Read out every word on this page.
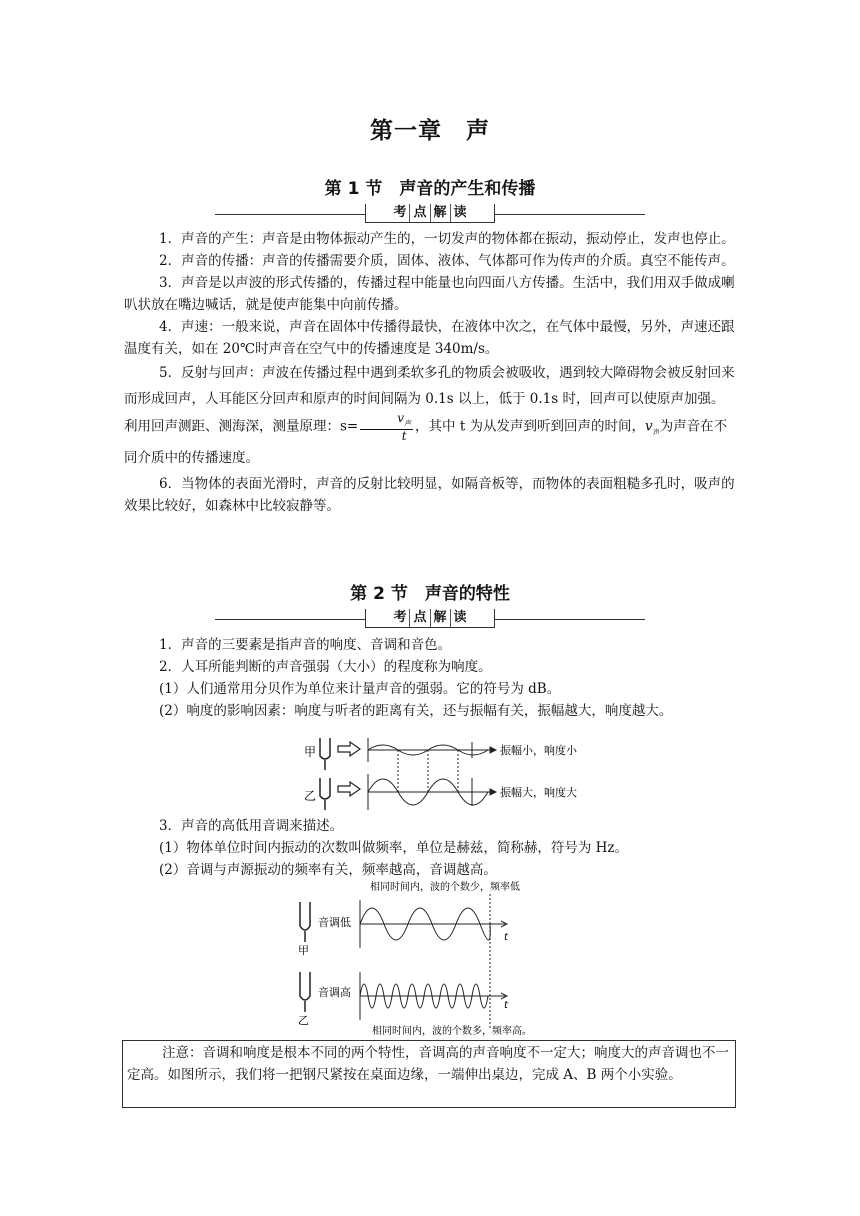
第一章　声
第 1 节　声音的产生和传播
考 点 解 读

1．声音的产生：声音是由物体振动产生的，一切发声的物体都在振动，振动停止，发声也停止。

2．声音的传播：声音的传播需要介质，固体、液体、气体都可作为传声的介质。真空不能传声。

3．声音是以声波的形式传播的，传播过程中能量也向四面八方传播。生活中，我们用双手做成喇叭状放在嘴边喊话，就是使声能集中向前传播。

4．声速：一般来说，声音在固体中传播得最快，在液体中次之，在气体中最慢，另外，声速还跟温度有关，如在 20℃时声音在空气中的传播速度是 340m/s。

5．反射与回声：声波在传播过程中遇到柔软多孔的物质会被吸收，遇到较大障碍物会被反射回来而形成回声，人耳能区分回声和原声的时间间隔为 0.1s 以上，低于 0.1s 时，回声可以使原声加强。利用回声测距、测海深，测量原理：$s= \frac{v_声}{t}$ ，其中 t 为从发声到听到回声的时间，$v_声$为声音在不同介质中的传播速度。

6．当物体的表面光滑时，声音的反射比较明显，如隔音板等，而物体的表面粗糙多孔时，吸声的效果比较好，如森林中比较寂静等。

第 2 节　声音的特性
考 点 解 读

1．声音的三要素是指声音的响度、音调和音色。

2．人耳所能判断的声音强弱（大小）的程度称为响度。

(1）人们通常用分贝作为单位来计量声音的强弱。它的符号为 dB。

(2）响度的影响因素：响度与听者的距离有关，还与振幅有关，振幅越大，响度越大。

甲
乙
振幅小，响度小
振幅大，响度大

3．声音的高低用音调来描述。

(1）物体单位时间内振动的次数叫做频率，单位是赫兹，简称赫，符号为 Hz。

(2）音调与声源振动的频率有关，频率越高，音调越高。

相同时间内，波的个数少，频率低
音调低
甲
音调高
乙
t
t
相同时间内，波的个数多，频率高。

注意：音调和响度是根本不同的两个特性，音调高的声音响度不一定大；响度大的声音调也不一定高。如图所示，我们将一把钢尺紧按在桌面边缘，一端伸出桌边，完成 A、B 两个小实验。
